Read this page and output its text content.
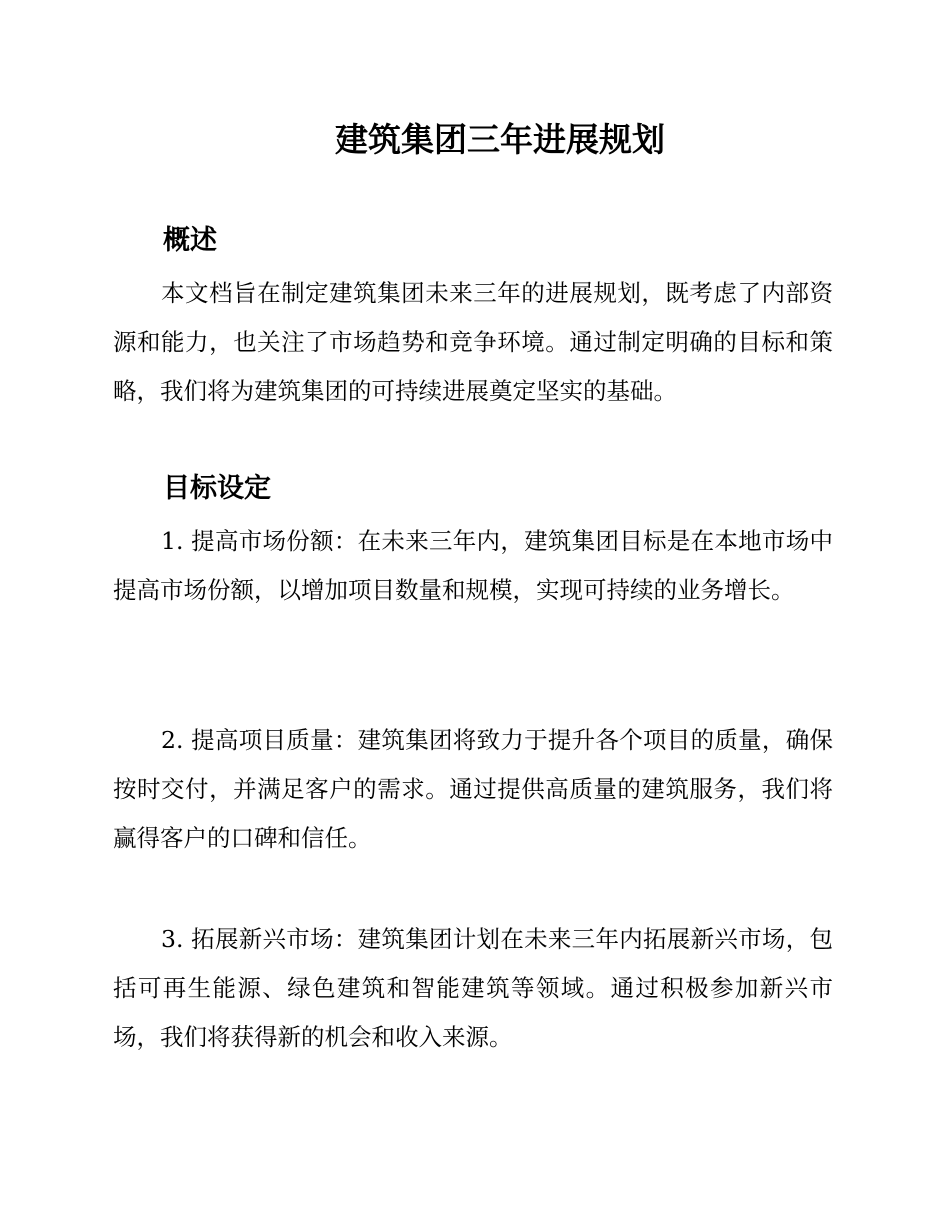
建筑集团三年进展规划
概述

本文档旨在制定建筑集团未来三年的进展规划，既考虑了内部资源和能力，也关注了市场趋势和竞争环境。通过制定明确的目标和策略，我们将为建筑集团的可持续进展奠定坚实的基础。

目标设定

1. 提高市场份额：在未来三年内，建筑集团目标是在本地市场中提高市场份额，以增加项目数量和规模，实现可持续的业务增长。

2. 提高项目质量：建筑集团将致力于提升各个项目的质量，确保按时交付，并满足客户的需求。通过提供高质量的建筑服务，我们将赢得客户的口碑和信任。

3. 拓展新兴市场：建筑集团计划在未来三年内拓展新兴市场，包括可再生能源、绿色建筑和智能建筑等领域。通过积极参加新兴市场，我们将获得新的机会和收入来源。
